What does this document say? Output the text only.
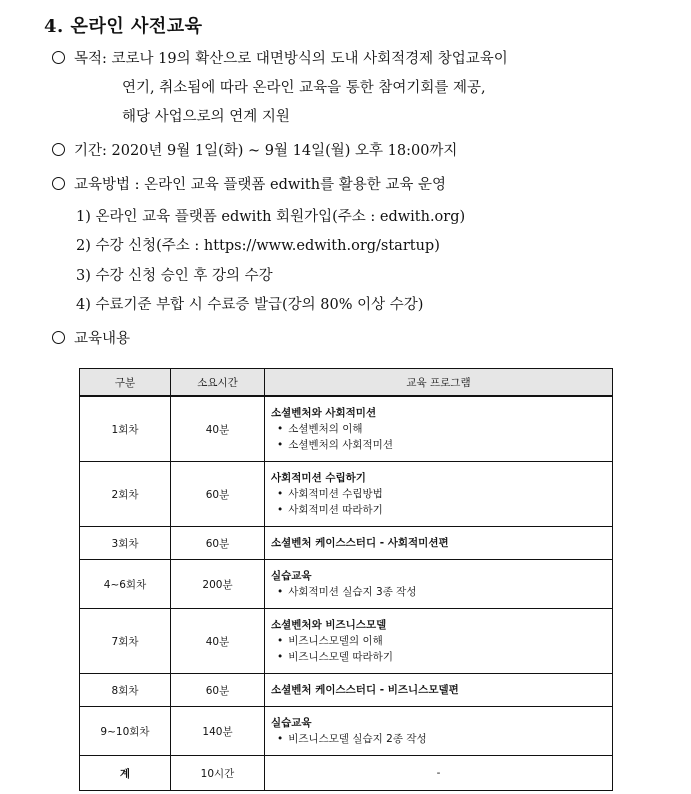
4. 온라인 사전교육
목적: 코로나 19의 확산으로 대면방식의 도내 사회적경제 창업교육이
연기, 취소됨에 따라 온라인 교육을 통한 참여기회를 제공,
해당 사업으로의 연계 지원
기간: 2020년 9월 1일(화) ~ 9월 14일(월) 오후 18:00까지
교육방법 : 온라인 교육 플랫폼 edwith를 활용한 교육 운영
1) 온라인 교육 플랫폼 edwith 회원가입(주소 : edwith.org)
2) 수강 신청(주소 : https://www.edwith.org/startup)
3) 수강 신청 승인 후 강의 수강
4) 수료기준 부합 시 수료증 발급(강의 80% 이상 수강)
교육내용
구분	소요시간	교육 프로그램
1회차	40분	소셜벤처와 사회적미션
• 소셜벤처의 이해
• 소셜벤처의 사회적미션

2회차	60분	사회적미션 수립하기
• 사회적미션 수립방법
• 사회적미션 따라하기

3회차	60분	소셜벤처 케이스스터디 - 사회적미션편

4~6회차	200분	실습교육
• 사회적미션 실습지 3종 작성

7회차	40분	소셜벤처와 비즈니스모델
• 비즈니스모델의 이해
• 비즈니스모델 따라하기

8회차	60분	소셜벤처 케이스스터디 - 비즈니스모델편

9~10회차	140분	실습교육
• 비즈니스모델 실습지 2종 작성

계	10시간	-
